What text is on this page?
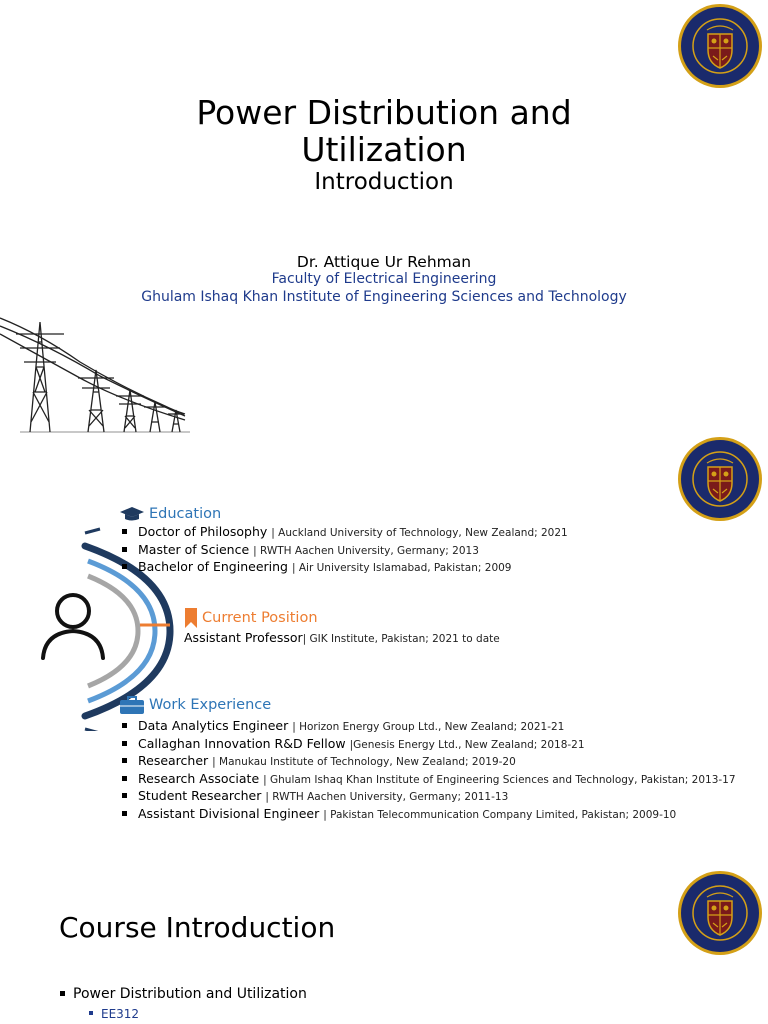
Power Distribution and
Utilization
Introduction
Dr. Attique Ur Rehman
Faculty of Electrical Engineering
Ghulam Ishaq Khan Institute of Engineering Sciences and Technology
Education
Doctor of Philosophy | Auckland University of Technology, New Zealand; 2021
Master of Science | RWTH Aachen University, Germany; 2013
Bachelor of Engineering | Air University Islamabad, Pakistan; 2009
Current Position
Assistant Professor| GIK Institute, Pakistan; 2021 to date
Work Experience
Data Analytics Engineer | Horizon Energy Group Ltd., New Zealand; 2021-21
Callaghan Innovation R&D Fellow |Genesis Energy Ltd., New Zealand; 2018-21
Researcher | Manukau Institute of Technology, New Zealand; 2019-20
Research Associate | Ghulam Ishaq Khan Institute of Engineering Sciences and Technology, Pakistan; 2013-17
Student Researcher | RWTH Aachen University, Germany; 2011-13
Assistant Divisional Engineer | Pakistan Telecommunication Company Limited, Pakistan; 2009-10
Course Introduction
Power Distribution and Utilization
EE312
